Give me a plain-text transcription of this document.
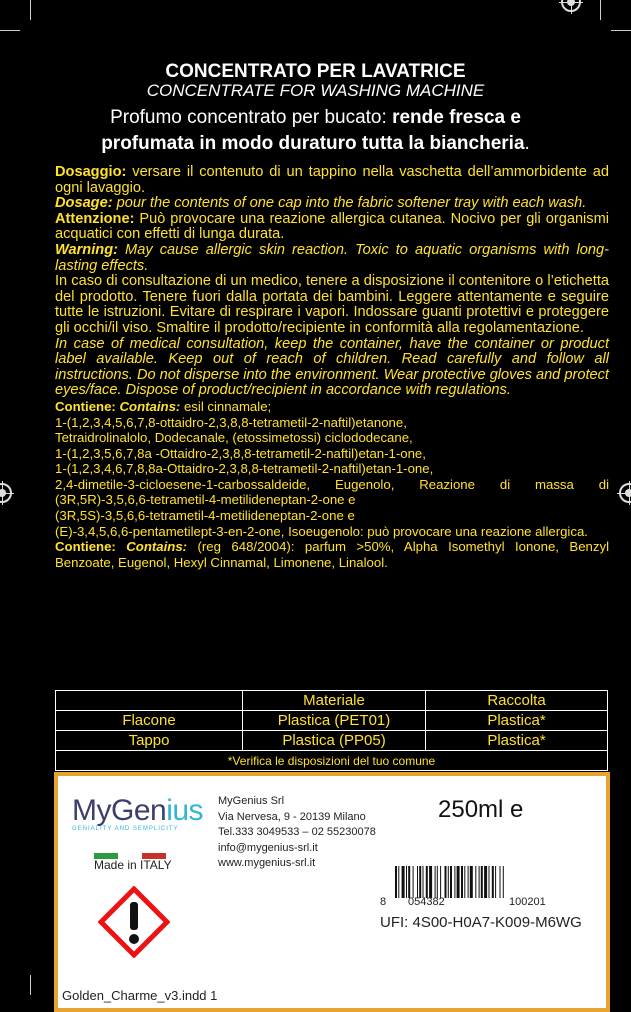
CONCENTRATO PER LAVATRICE
CONCENTRATE FOR WASHING MACHINE
Profumo concentrato per bucato: rende fresca e
profumata in modo duraturo tutta la biancheria.

Dosaggio: versare il contenuto di un tappino nella vaschetta dell’ammorbidente ad ogni lavaggio.

Dosage: pour the contents of one cap into the fabric softener tray with each wash.

Attenzione: Può provocare una reazione allergica cutanea. Nocivo per gli organismi acquatici con effetti di lunga durata.

Warning: May cause allergic skin reaction. Toxic to aquatic organisms with long-lasting effects.

In caso di consultazione di un medico, tenere a disposizione il contenitore o l’etichetta del prodotto. Tenere fuori dalla portata dei bambini. Leggere attentamente e seguire tutte le istruzioni. Evitare di respirare i vapori. Indossare guanti protettivi e proteggere gli occhi/il viso. Smaltire il prodotto/recipiente in conformità alla regolamentazione.

In case of medical consultation, keep the container, have the container or product label available. Keep out of reach of children. Read carefully and follow all instructions. Do not disperse into the environment. Wear protective gloves and protect eyes/face. Dispose of product/recipient in accordance with regulations.

Contiene: Contains: esil cinnamale;
1-(1,2,3,4,5,6,7,8-ottaidro-2,3,8,8-tetrametil-2-naftil)etanone,
Tetraidrolinalolo, Dodecanale, (etossimetossi) ciclododecane,
1-(1,2,3,5,6,7,8a -Ottaidro-2,3,8,8-tetrametil-2-naftil)etan-1-one,
1-(1,2,3,4,6,7,8,8a-Ottaidro-2,3,8,8-tetrametil-2-naftil)etan-1-one,
2,4-dimetile-3-cicloesene-1-carbossaldeide, Eugenolo, Reazione di massa di
(3R,5R)-3,5,6,6-tetrametil-4-metilideneptan-2-one e
(3R,5S)-3,5,6,6-tetrametil-4-metilideneptan-2-one e
(E)-3,4,5,6,6-pentametilept-3-en-2-one, Isoeugenolo: può provocare una reazione allergica.
Contiene: Contains: (reg 648/2004): parfum >50%, Alpha Isomethyl Ionone, Benzyl Benzoate, Eugenol, Hexyl Cinnamal, Limonene, Linalool.
	Materiale	Raccolta
Flacone	Plastica (PET01)	Plastica*
Tappo	Plastica (PP05)	Plastica*
*Verifica le disposizioni del tuo comune		
MyGenius
GENIALITY AND SEMPLICITY
Made in ITALY
MyGenius Srl
Via Nervesa, 9 - 20139 Milano
Tel.333 3049533 – 02 55230078
info@mygenius-srl.it
www.mygenius-srl.it
250ml e
8 054382	100201
UFI: 4S00-H0A7-K009-M6WG
Golden_Charme_v3.indd 1
